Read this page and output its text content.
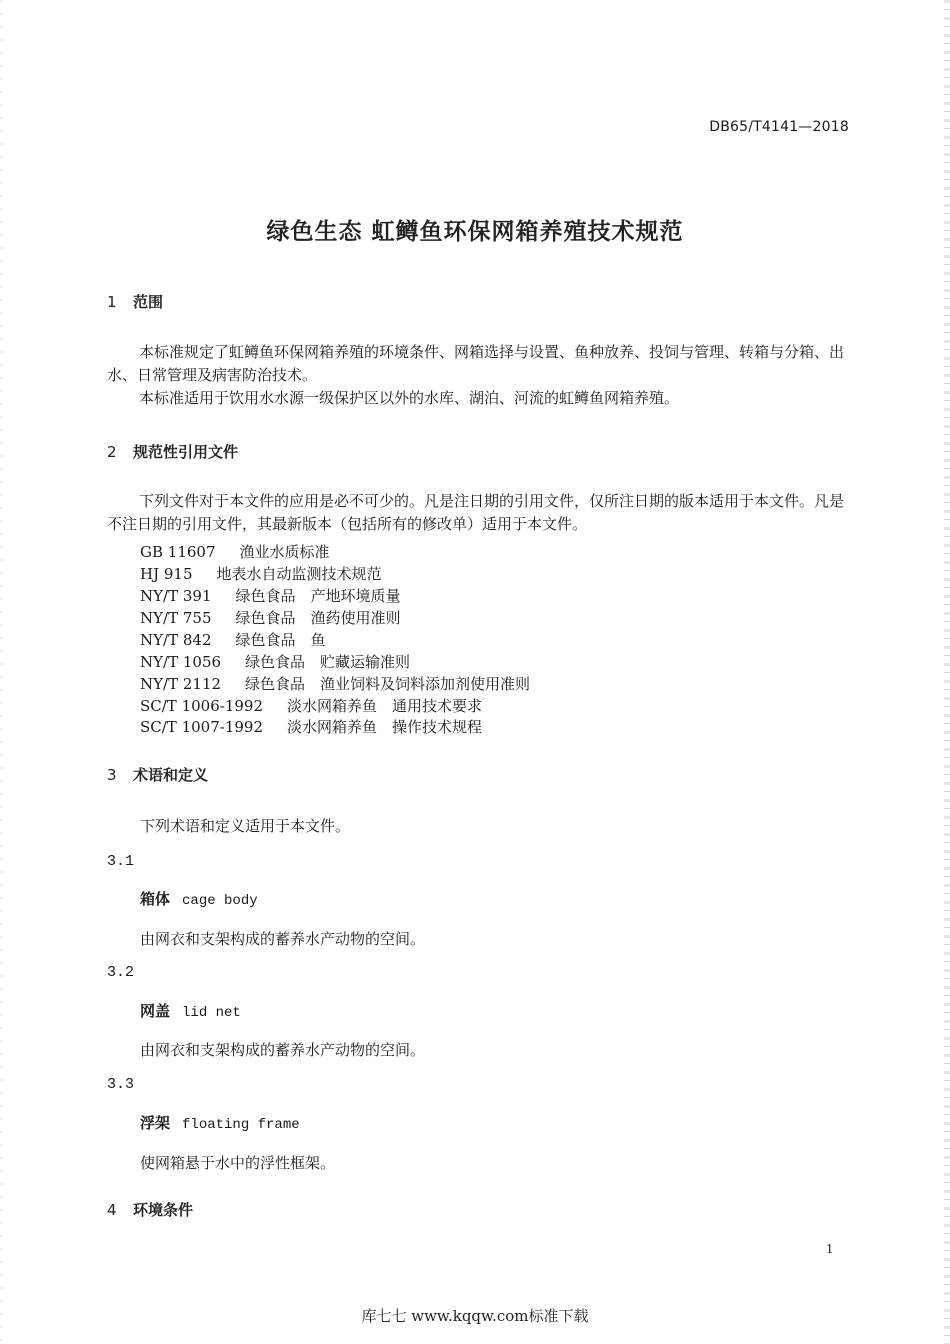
DB65/T4141—2018
绿色生态 虹鳟鱼环保网箱养殖技术规范
1 范围

本标准规定了虹鳟鱼环保网箱养殖的环境条件、网箱选择与设置、鱼种放养、投饲与管理、转箱与分箱、出水、日常管理及病害防治技术。

本标准适用于饮用水水源一级保护区以外的水库、湖泊、河流的虹鳟鱼网箱养殖。

2 规范性引用文件

下列文件对于本文件的应用是必不可少的。凡是注日期的引用文件，仅所注日期的版本适用于本文件。凡是不注日期的引用文件，其最新版本（包括所有的修改单）适用于本文件。

GB 11607 渔业水质标准
HJ 915 地表水自动监测技术规范
NY/T 391 绿色食品　产地环境质量
NY/T 755 绿色食品　渔药使用准则
NY/T 842 绿色食品　鱼
NY/T 1056 绿色食品　贮藏运输准则
NY/T 2112 绿色食品　渔业饲料及饲料添加剂使用准则
SC/T 1006-1992 淡水网箱养鱼　通用技术要求
SC/T 1007-1992 淡水网箱养鱼　操作技术规程
3 术语和定义
下列术语和定义适用于本文件。
3.1
箱体 cage body
由网衣和支架构成的蓄养水产动物的空间。
3.2
网盖 lid net
由网衣和支架构成的蓄养水产动物的空间。
3.3
浮架 floating frame
使网箱悬于水中的浮性框架。
4 环境条件
1
库七七 www.kqqw.com标准下载
